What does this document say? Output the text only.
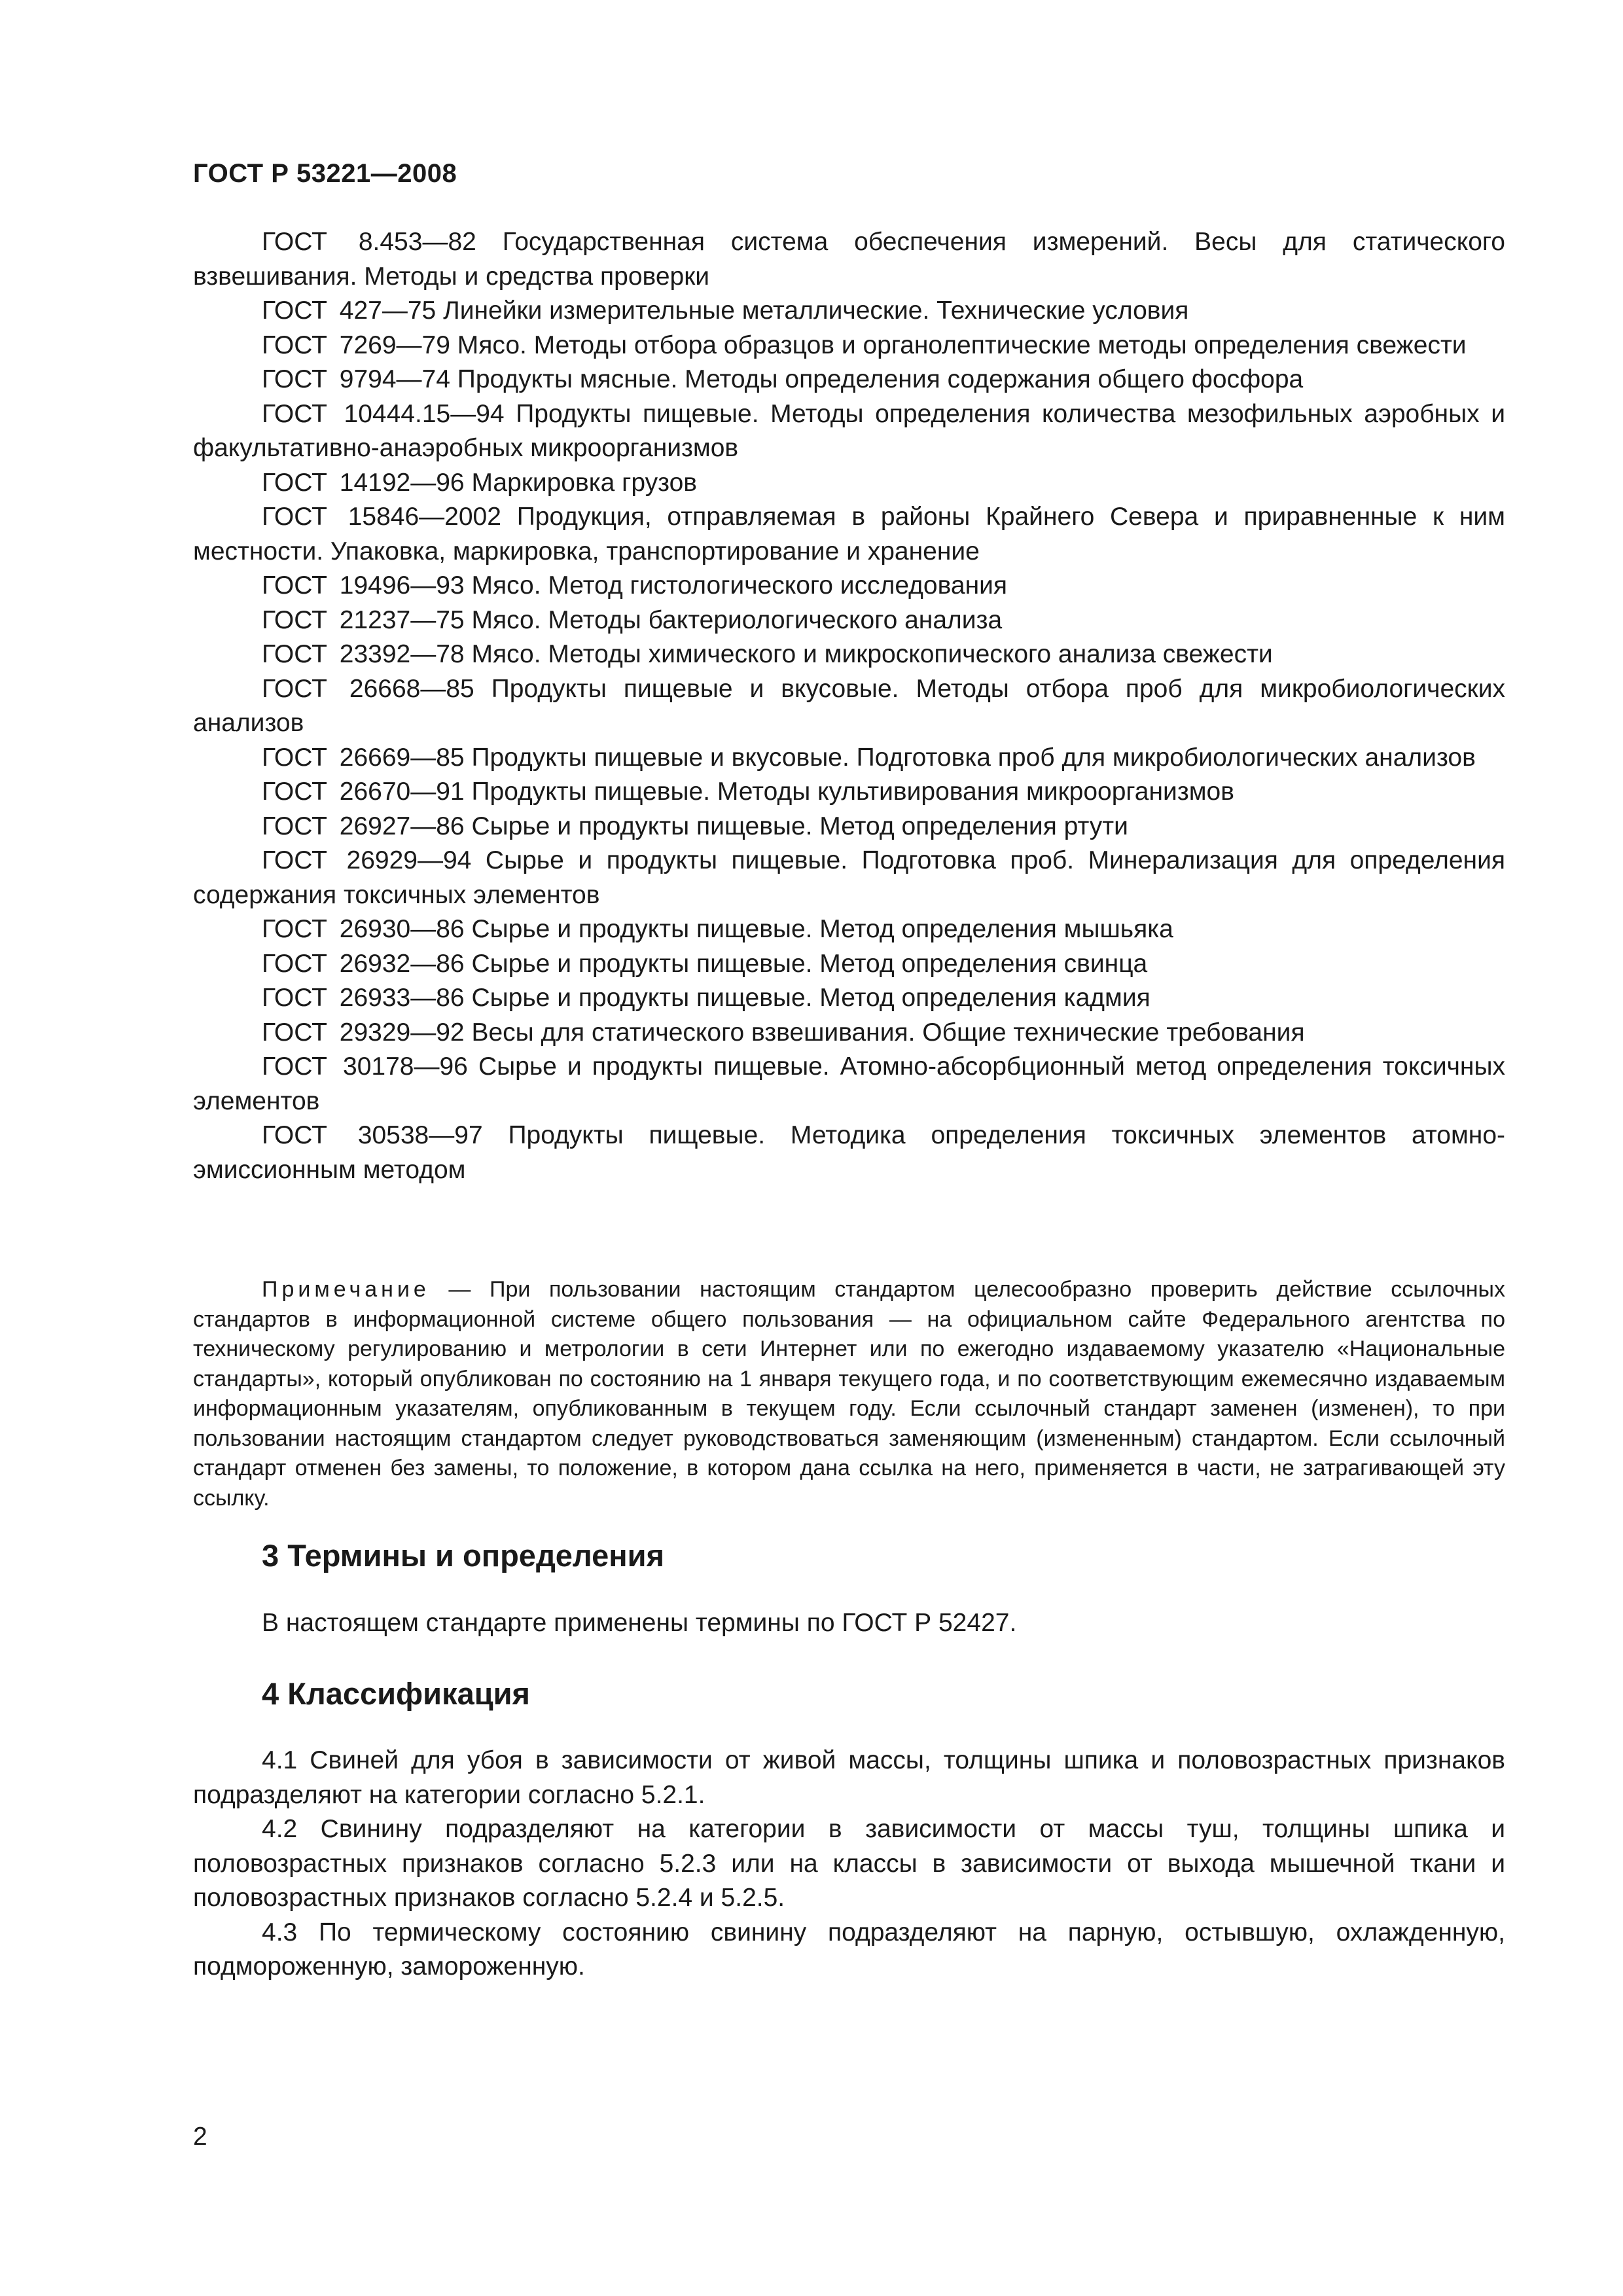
ГОСТ Р 53221—2008
ГОСТ 8.453—82 Государственная система обеспечения измерений. Весы для статического взвешивания. Методы и средства проверки
ГОСТ 427—75 Линейки измерительные металлические. Технические условия
ГОСТ 7269—79 Мясо. Методы отбора образцов и органолептические методы определения свежести
ГОСТ 9794—74 Продукты мясные. Методы определения содержания общего фосфора
ГОСТ 10444.15—94 Продукты пищевые. Методы определения количества мезофильных аэробных и факультативно-анаэробных микроорганизмов
ГОСТ 14192—96 Маркировка грузов
ГОСТ 15846—2002 Продукция, отправляемая в районы Крайнего Севера и приравненные к ним местности. Упаковка, маркировка, транспортирование и хранение
ГОСТ 19496—93 Мясо. Метод гистологического исследования
ГОСТ 21237—75 Мясо. Методы бактериологического анализа
ГОСТ 23392—78 Мясо. Методы химического и микроскопического анализа свежести
ГОСТ 26668—85 Продукты пищевые и вкусовые. Методы отбора проб для микробиологических анализов
ГОСТ 26669—85 Продукты пищевые и вкусовые. Подготовка проб для микробиологических анализов
ГОСТ 26670—91 Продукты пищевые. Методы культивирования микроорганизмов
ГОСТ 26927—86 Сырье и продукты пищевые. Метод определения ртути
ГОСТ 26929—94 Сырье и продукты пищевые. Подготовка проб. Минерализация для определения содержания токсичных элементов
ГОСТ 26930—86 Сырье и продукты пищевые. Метод определения мышьяка
ГОСТ 26932—86 Сырье и продукты пищевые. Метод определения свинца
ГОСТ 26933—86 Сырье и продукты пищевые. Метод определения кадмия
ГОСТ 29329—92 Весы для статического взвешивания. Общие технические требования
ГОСТ 30178—96 Сырье и продукты пищевые. Атомно-абсорбционный метод определения токсичных элементов
ГОСТ 30538—97 Продукты пищевые. Методика определения токсичных элементов атомно-эмиссионным методом
Примечание — При пользовании настоящим стандартом целесообразно проверить действие ссылочных стандартов в информационной системе общего пользования — на официальном сайте Федерального агентства по техническому регулированию и метрологии в сети Интернет или по ежегодно издаваемому указателю «Национальные стандарты», который опубликован по состоянию на 1 января текущего года, и по соответствующим ежемесячно издаваемым информационным указателям, опубликованным в текущем году. Если ссылочный стандарт заменен (изменен), то при пользовании настоящим стандартом следует руководствоваться заменяющим (измененным) стандартом. Если ссылочный стандарт отменен без замены, то положение, в котором дана ссылка на него, применяется в части, не затрагивающей эту ссылку.
3 Термины и определения
В настоящем стандарте применены термины по ГОСТ Р 52427.
4 Классификация
4.1 Свиней для убоя в зависимости от живой массы, толщины шпика и половозрастных признаков подразделяют на категории согласно 5.2.1.
4.2 Свинину подразделяют на категории в зависимости от массы туш, толщины шпика и половозрастных признаков согласно 5.2.3 или на классы в зависимости от выхода мышечной ткани и половозрастных признаков согласно 5.2.4 и 5.2.5.
4.3 По термическому состоянию свинину подразделяют на парную, остывшую, охлажденную, подмороженную, замороженную.
2
